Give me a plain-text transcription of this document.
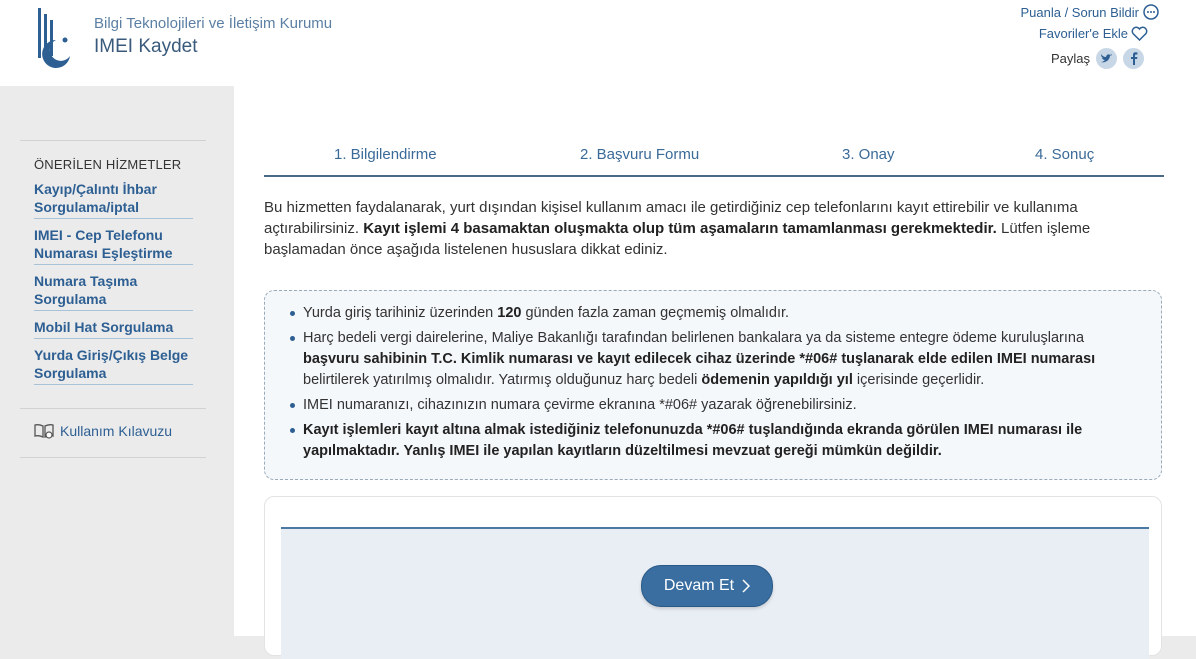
Bilgi Teknolojileri ve İletişim Kurumu
IMEI Kaydet
Puanla / Sorun Bildir
Favoriler'e Ekle
Paylaş
ÖNERİLEN HİZMETLER
Kayıp/Çalıntı İhbar Sorgulama/iptal
IMEI - Cep Telefonu Numarası Eşleştirme
Numara Taşıma Sorgulama
Mobil Hat Sorgulama
Yurda Giriş/Çıkış Belge Sorgulama
Kullanım Kılavuzu
1. Bilgilendirme	2. Başvuru Formu	3. Onay	4. Sonuç
Bu hizmetten faydalanarak, yurt dışından kişisel kullanım amacı ile getirdiğiniz cep telefonlarını kayıt ettirebilir ve kullanıma açtırabilirsiniz. Kayıt işlemi 4 basamaktan oluşmakta olup tüm aşamaların tamamlanması gerekmektedir. Lütfen işleme başlamadan önce aşağıda listelenen hususlara dikkat ediniz.
Yurda giriş tarihiniz üzerinden 120 günden fazla zaman geçmemiş olmalıdır.
Harç bedeli vergi dairelerine, Maliye Bakanlığı tarafından belirlenen bankalara ya da sisteme entegre ödeme kuruluşlarına başvuru sahibinin T.C. Kimlik numarası ve kayıt edilecek cihaz üzerinde *#06# tuşlanarak elde edilen IMEI numarası belirtilerek yatırılmış olmalıdır. Yatırmış olduğunuz harç bedeli ödemenin yapıldığı yıl içerisinde geçerlidir.
IMEI numaranızı, cihazınızın numara çevirme ekranına *#06# yazarak öğrenebilirsiniz.
Kayıt işlemleri kayıt altına almak istediğiniz telefonunuzda *#06# tuşlandığında ekranda görülen IMEI numarası ile yapılmaktadır. Yanlış IMEI ile yapılan kayıtların düzeltilmesi mevzuat gereği mümkün değildir.
Devam Et
